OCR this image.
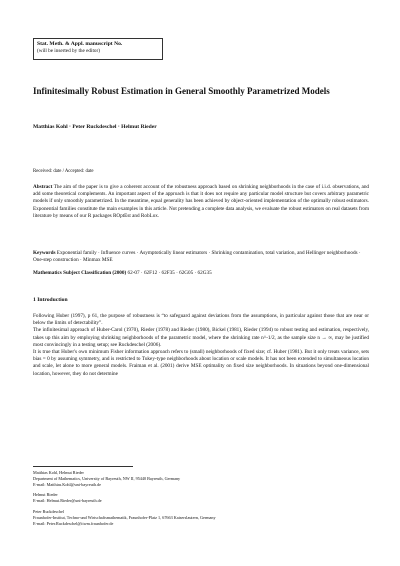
Stat. Meth. & Appl. manuscript No.
(will be inserted by the editor)
Infinitesimally Robust Estimation in General Smoothly Parametrized Models
Matthias Kohl · Peter Ruckdeschel · Helmut Rieder
Received: date / Accepted: date
Abstract The aim of the paper is to give a coherent account of the robustness approach based on shrinking neighborhoods in the case of i.i.d. observations, and add some theoretical complements. An important aspect of the approach is that it does not require any particular model structure but covers arbitrary parametric models if only smoothly parametrized. In the meantime, equal generality has been achieved by object-oriented implementation of the optimally robust estimators. Exponential families constitute the main examples in this article. Not pretending a complete data analysis, we evaluate the robust estimators on real datasets from literature by means of our R packages ROptEst and RobLox.
Keywords Exponential family · Influence curves · Asymptotically linear estimators · Shrinking contamination, total variation, and Hellinger neighborhoods · One-step construction · Minmax MSE
Mathematics Subject Classification (2000) 62-07 · 62F12 · 62F35 · 62G05 · 62G35
1 Introduction

Following Huber (1997), p 61, the purpose of robustness is “to safeguard against deviations from the assumptions, in particular against those that are near or below the limits of detectability”.

The infinitesimal approach of Huber-Carol (1970), Rieder (1978) and Rieder (1980), Bickel (1981), Rieder (1994) to robust testing and estimation, respectively, takes up this aim by employing shrinking neighborhoods of the parametric model, where the shrinking rate n^-1/2, as the sample size n → ∞, may be justified most convincingly in a testing setup; see Ruckdeschel (2006).

It is true that Huber's own minimum Fisher information approach refers to (small) neighborhoods of fixed size; cf. Huber (1981). But it only treats variance, sets bias = 0 by assuming symmetry, and is restricted to Tukey-type neighborhoods about location or scale models. It has not been extended to simultaneous location and scale, let alone to more general models. Fraiman et al. (2001) derive MSE optimality on fixed size neighborhoods. In situations beyond one-dimensional location, however, they do not determine

Matthias Kohl, Helmut Rieder
Department of Mathematics, University of Bayreuth, NW II, 95440 Bayreuth, Germany
E-mail: Matthias.Kohl@uni-bayreuth.de
Helmut Rieder
E-mail: Helmut.Rieder@uni-bayreuth.de
Peter Ruckdeschel
Fraunhofer-Institut, Techno-und Wirtschaftsmathematik, Fraunhofer-Platz 1, 67663 Kaiserslautern, Germany
E-mail: Peter.Ruckdeschel@itwm.fraunhofer.de
